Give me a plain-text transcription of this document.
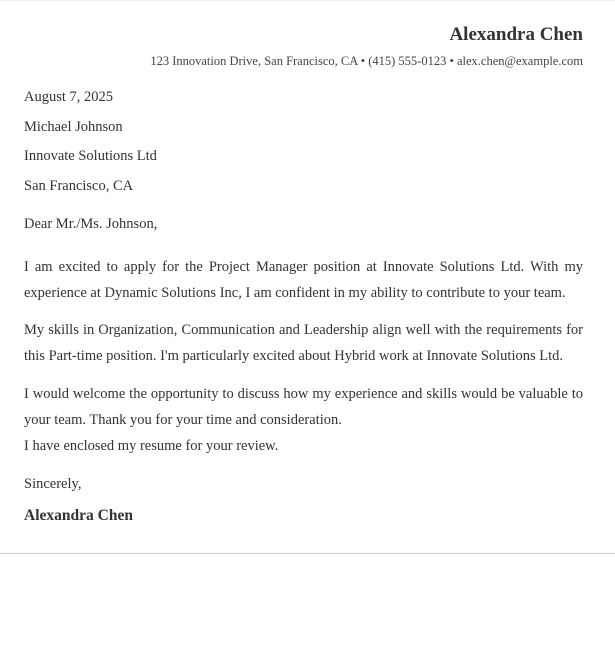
Alexandra Chen
123 Innovation Drive, San Francisco, CA • (415) 555-0123 • alex.chen@example.com
August 7, 2025
Michael Johnson
Innovate Solutions Ltd
San Francisco, CA
Dear Mr./Ms. Johnson,
I am excited to apply for the Project Manager position at Innovate Solutions Ltd. With my experience at Dynamic Solutions Inc, I am confident in my ability to contribute to your team.
My skills in Organization, Communication and Leadership align well with the requirements for this Part-time position. I'm particularly excited about Hybrid work at Innovate Solutions Ltd.
I would welcome the opportunity to discuss how my experience and skills would be valuable to your team. Thank you for your time and consideration.
I have enclosed my resume for your review.
Sincerely,
Alexandra Chen
